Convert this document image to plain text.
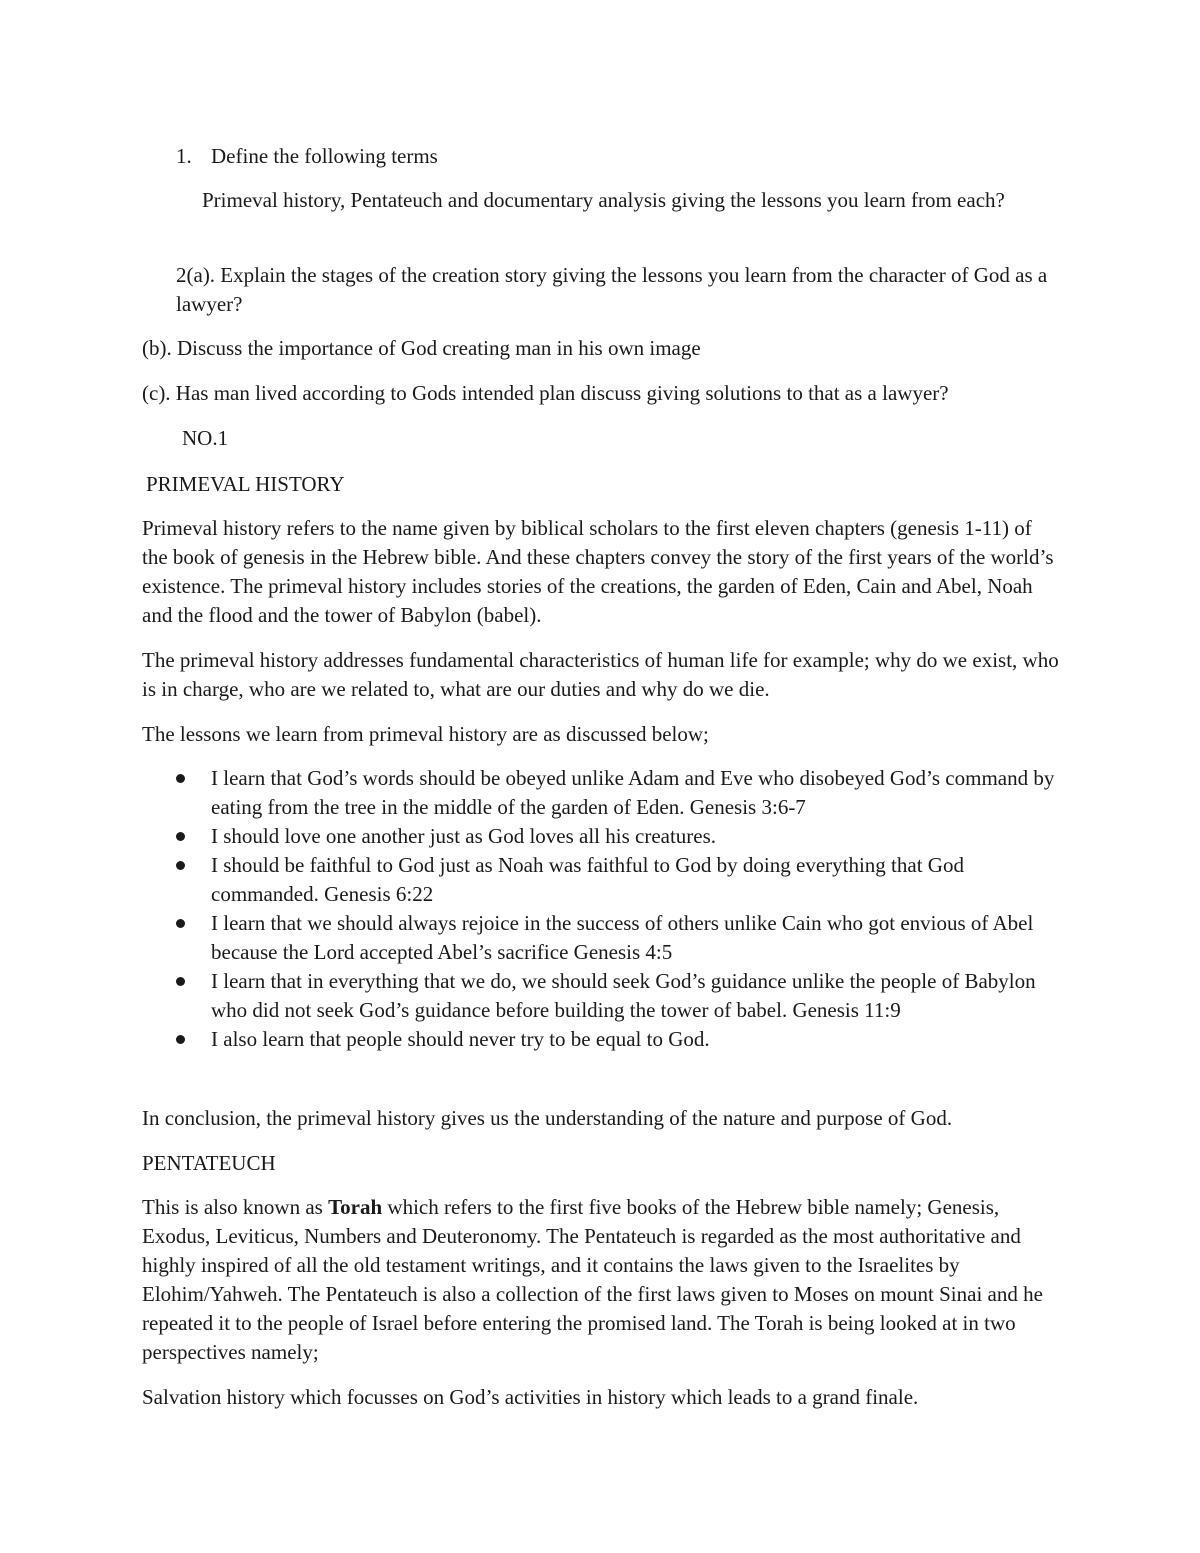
1. Define the following terms

Primeval history, Pentateuch and documentary analysis giving the lessons you learn from each?

2(a). Explain the stages of the creation story giving the lessons you learn from the character of God as a lawyer?

(b). Discuss the importance of God creating man in his own image

(c). Has man lived according to Gods intended plan discuss giving solutions to that as a lawyer?

NO.1

PRIMEVAL HISTORY

Primeval history refers to the name given by biblical scholars to the first eleven chapters (genesis 1-11) of the book of genesis in the Hebrew bible. And these chapters convey the story of the first years of the world’s existence. The primeval history includes stories of the creations, the garden of Eden, Cain and Abel, Noah and the flood and the tower of Babylon (babel).

The primeval history addresses fundamental characteristics of human life for example; why do we exist, who is in charge, who are we related to, what are our duties and why do we die.

The lessons we learn from primeval history are as discussed below;

I learn that God’s words should be obeyed unlike Adam and Eve who disobeyed God’s command by eating from the tree in the middle of the garden of Eden. Genesis 3:6-7
I should love one another just as God loves all his creatures.
I should be faithful to God just as Noah was faithful to God by doing everything that God commanded. Genesis 6:22
I learn that we should always rejoice in the success of others unlike Cain who got envious of Abel because the Lord accepted Abel’s sacrifice Genesis 4:5
I learn that in everything that we do, we should seek God’s guidance unlike the people of Babylon who did not seek God’s guidance before building the tower of babel. Genesis 11:9
I also learn that people should never try to be equal to God.

In conclusion, the primeval history gives us the understanding of the nature and purpose of God.

PENTATEUCH

This is also known as Torah which refers to the first five books of the Hebrew bible namely; Genesis, Exodus, Leviticus, Numbers and Deuteronomy. The Pentateuch is regarded as the most authoritative and highly inspired of all the old testament writings, and it contains the laws given to the Israelites by Elohim/Yahweh. The Pentateuch is also a collection of the first laws given to Moses on mount Sinai and he repeated it to the people of Israel before entering the promised land. The Torah is being looked at in two perspectives namely;

Salvation history which focusses on God’s activities in history which leads to a grand finale.
